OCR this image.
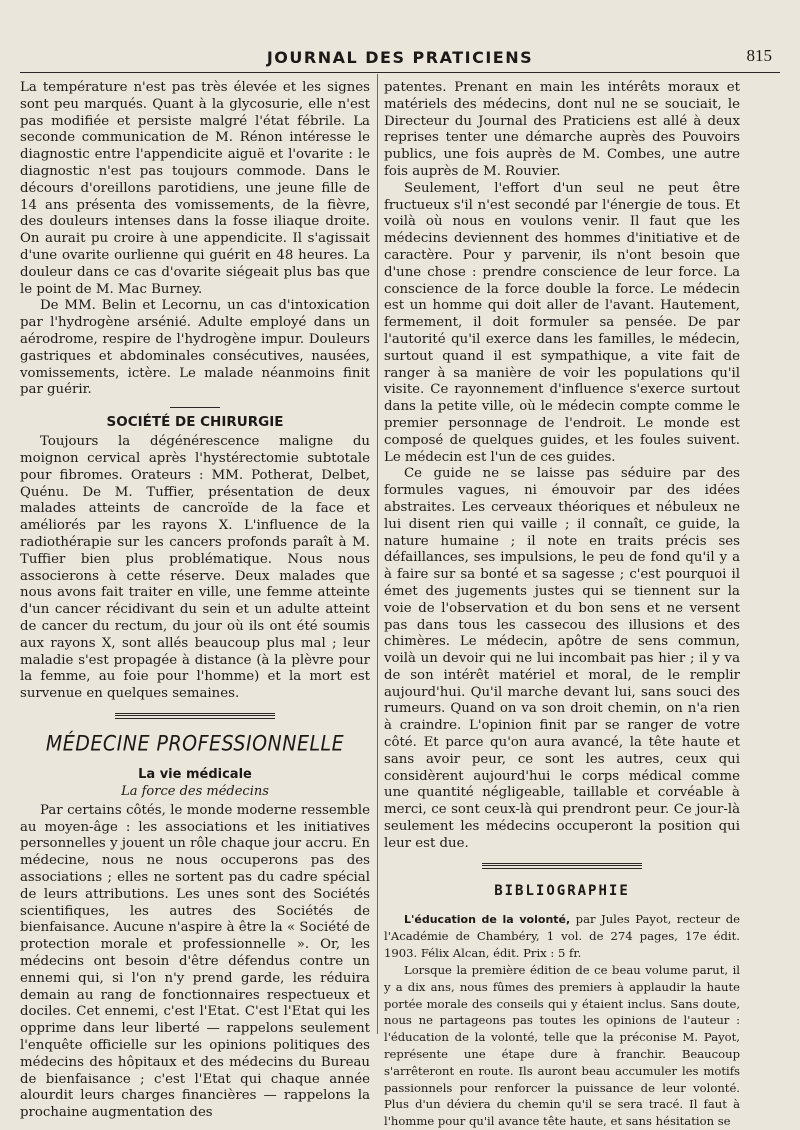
JOURNAL DES PRATICIENS	815

La température n'est pas très élevée et les signes sont peu marqués. Quant à la glycosurie, elle n'est pas modifiée et persiste malgré l'état fébrile. La seconde communication de M. Rénon intéresse le diagnostic entre l'appendicite aiguë et l'ovarite : le diagnostic n'est pas toujours commode. Dans le décours d'oreillons parotidiens, une jeune fille de 14 ans présenta des vomissements, de la fièvre, des douleurs intenses dans la fosse iliaque droite. On aurait pu croire à une appendicite. Il s'agissait d'une ovarite ourlienne qui guérit en 48 heures. La douleur dans ce cas d'ovarite siégeait plus bas que le point de M. Mac Burney.

De MM. Belin et Lecornu, un cas d'intoxication par l'hydrogène arsénié. Adulte employé dans un aérodrome, respire de l'hydrogène impur. Douleurs gastriques et abdominales consécutives, nausées, vomissements, ictère. Le malade néanmoins finit par guérir.

SOCIÉTÉ DE CHIRURGIE

Toujours la dégénérescence maligne du moignon cervical après l'hystérectomie subtotale pour fibromes. Orateurs : MM. Potherat, Delbet, Quénu. De M. Tuffier, présentation de deux malades atteints de cancroïde de la face et améliorés par les rayons X. L'influence de la radiothérapie sur les cancers profonds paraît à M. Tuffier bien plus problématique. Nous nous associerons à cette réserve. Deux malades que nous avons fait traiter en ville, une femme atteinte d'un cancer récidivant du sein et un adulte atteint de cancer du rectum, du jour où ils ont été soumis aux rayons X, sont allés beaucoup plus mal ; leur maladie s'est propagée à distance (à la plèvre pour la femme, au foie pour l'homme) et la mort est survenue en quelques semaines.

MÉDECINE PROFESSIONNELLE
La vie médicale
La force des médecins

Par certains côtés, le monde moderne ressemble au moyen-âge : les associations et les initiatives personnelles y jouent un rôle chaque jour accru. En médecine, nous ne nous occuperons pas des associations ; elles ne sortent pas du cadre spécial de leurs attributions. Les unes sont des Sociétés scientifiques, les autres des Sociétés de bienfaisance. Aucune n'aspire à être la « Société de protection morale et professionnelle ». Or, les médecins ont besoin d'être défendus contre un ennemi qui, si l'on n'y prend garde, les réduira demain au rang de fonctionnaires respectueux et dociles. Cet ennemi, c'est l'Etat. C'est l'Etat qui les opprime dans leur liberté — rappelons seulement l'enquête officielle sur les opinions politiques des médecins des hôpitaux et des médecins du Bureau de bienfaisance ; c'est l'Etat qui chaque année alourdit leurs charges financières — rappelons la prochaine augmentation des

patentes. Prenant en main les intérêts moraux et matériels des médecins, dont nul ne se souciait, le Directeur du Journal des Praticiens est allé à deux reprises tenter une démarche auprès des Pouvoirs publics, une fois auprès de M. Combes, une autre fois auprès de M. Rouvier.

Seulement, l'effort d'un seul ne peut être fructueux s'il n'est secondé par l'énergie de tous. Et voilà où nous en voulons venir. Il faut que les médecins deviennent des hommes d'initiative et de caractère. Pour y parvenir, ils n'ont besoin que d'une chose : prendre conscience de leur force. La conscience de la force double la force. Le médecin est un homme qui doit aller de l'avant. Hautement, fermement, il doit formuler sa pensée. De par l'autorité qu'il exerce dans les familles, le médecin, surtout quand il est sympathique, a vite fait de ranger à sa manière de voir les populations qu'il visite. Ce rayonnement d'influence s'exerce surtout dans la petite ville, où le médecin compte comme le premier personnage de l'endroit. Le monde est composé de quelques guides, et les foules suivent. Le médecin est l'un de ces guides.

Ce guide ne se laisse pas séduire par des formules vagues, ni émouvoir par des idées abstraites. Les cerveaux théoriques et nébuleux ne lui disent rien qui vaille ; il connaît, ce guide, la nature humaine ; il note en traits précis ses défaillances, ses impulsions, le peu de fond qu'il y a à faire sur sa bonté et sa sagesse ; c'est pourquoi il émet des jugements justes qui se tiennent sur la voie de l'observation et du bon sens et ne versent pas dans tous les cassecou des illusions et des chimères. Le médecin, apôtre de sens commun, voilà un devoir qui ne lui incombait pas hier ; il y va de son intérêt matériel et moral, de le remplir aujourd'hui. Qu'il marche devant lui, sans souci des rumeurs. Quand on va son droit chemin, on n'a rien à craindre. L'opinion finit par se ranger de votre côté. Et parce qu'on aura avancé, la tête haute et sans avoir peur, ce sont les autres, ceux qui considèrent aujourd'hui le corps médical comme une quantité négligeable, taillable et corvéable à merci, ce sont ceux-là qui prendront peur. Ce jour-là seulement les médecins occuperont la position qui leur est due.

BIBLIOGRAPHIE

L'éducation de la volonté, par Jules Payot, recteur de l'Académie de Chambéry, 1 vol. de 274 pages, 17e édit. 1903. Félix Alcan, édit. Prix : 5 fr.

Lorsque la première édition de ce beau volume parut, il y a dix ans, nous fûmes des premiers à applaudir la haute portée morale des conseils qui y étaient inclus. Sans doute, nous ne partageons pas toutes les opinions de l'auteur : l'éducation de la volonté, telle que la préconise M. Payot, représente une étape dure à franchir. Beaucoup s'arrêteront en route. Ils auront beau accumuler les motifs passionnels pour renforcer la puissance de leur volonté. Plus d'un déviera du chemin qu'il se sera tracé. Il faut à l'homme pour qu'il avance tête haute, et sans hésitation se
